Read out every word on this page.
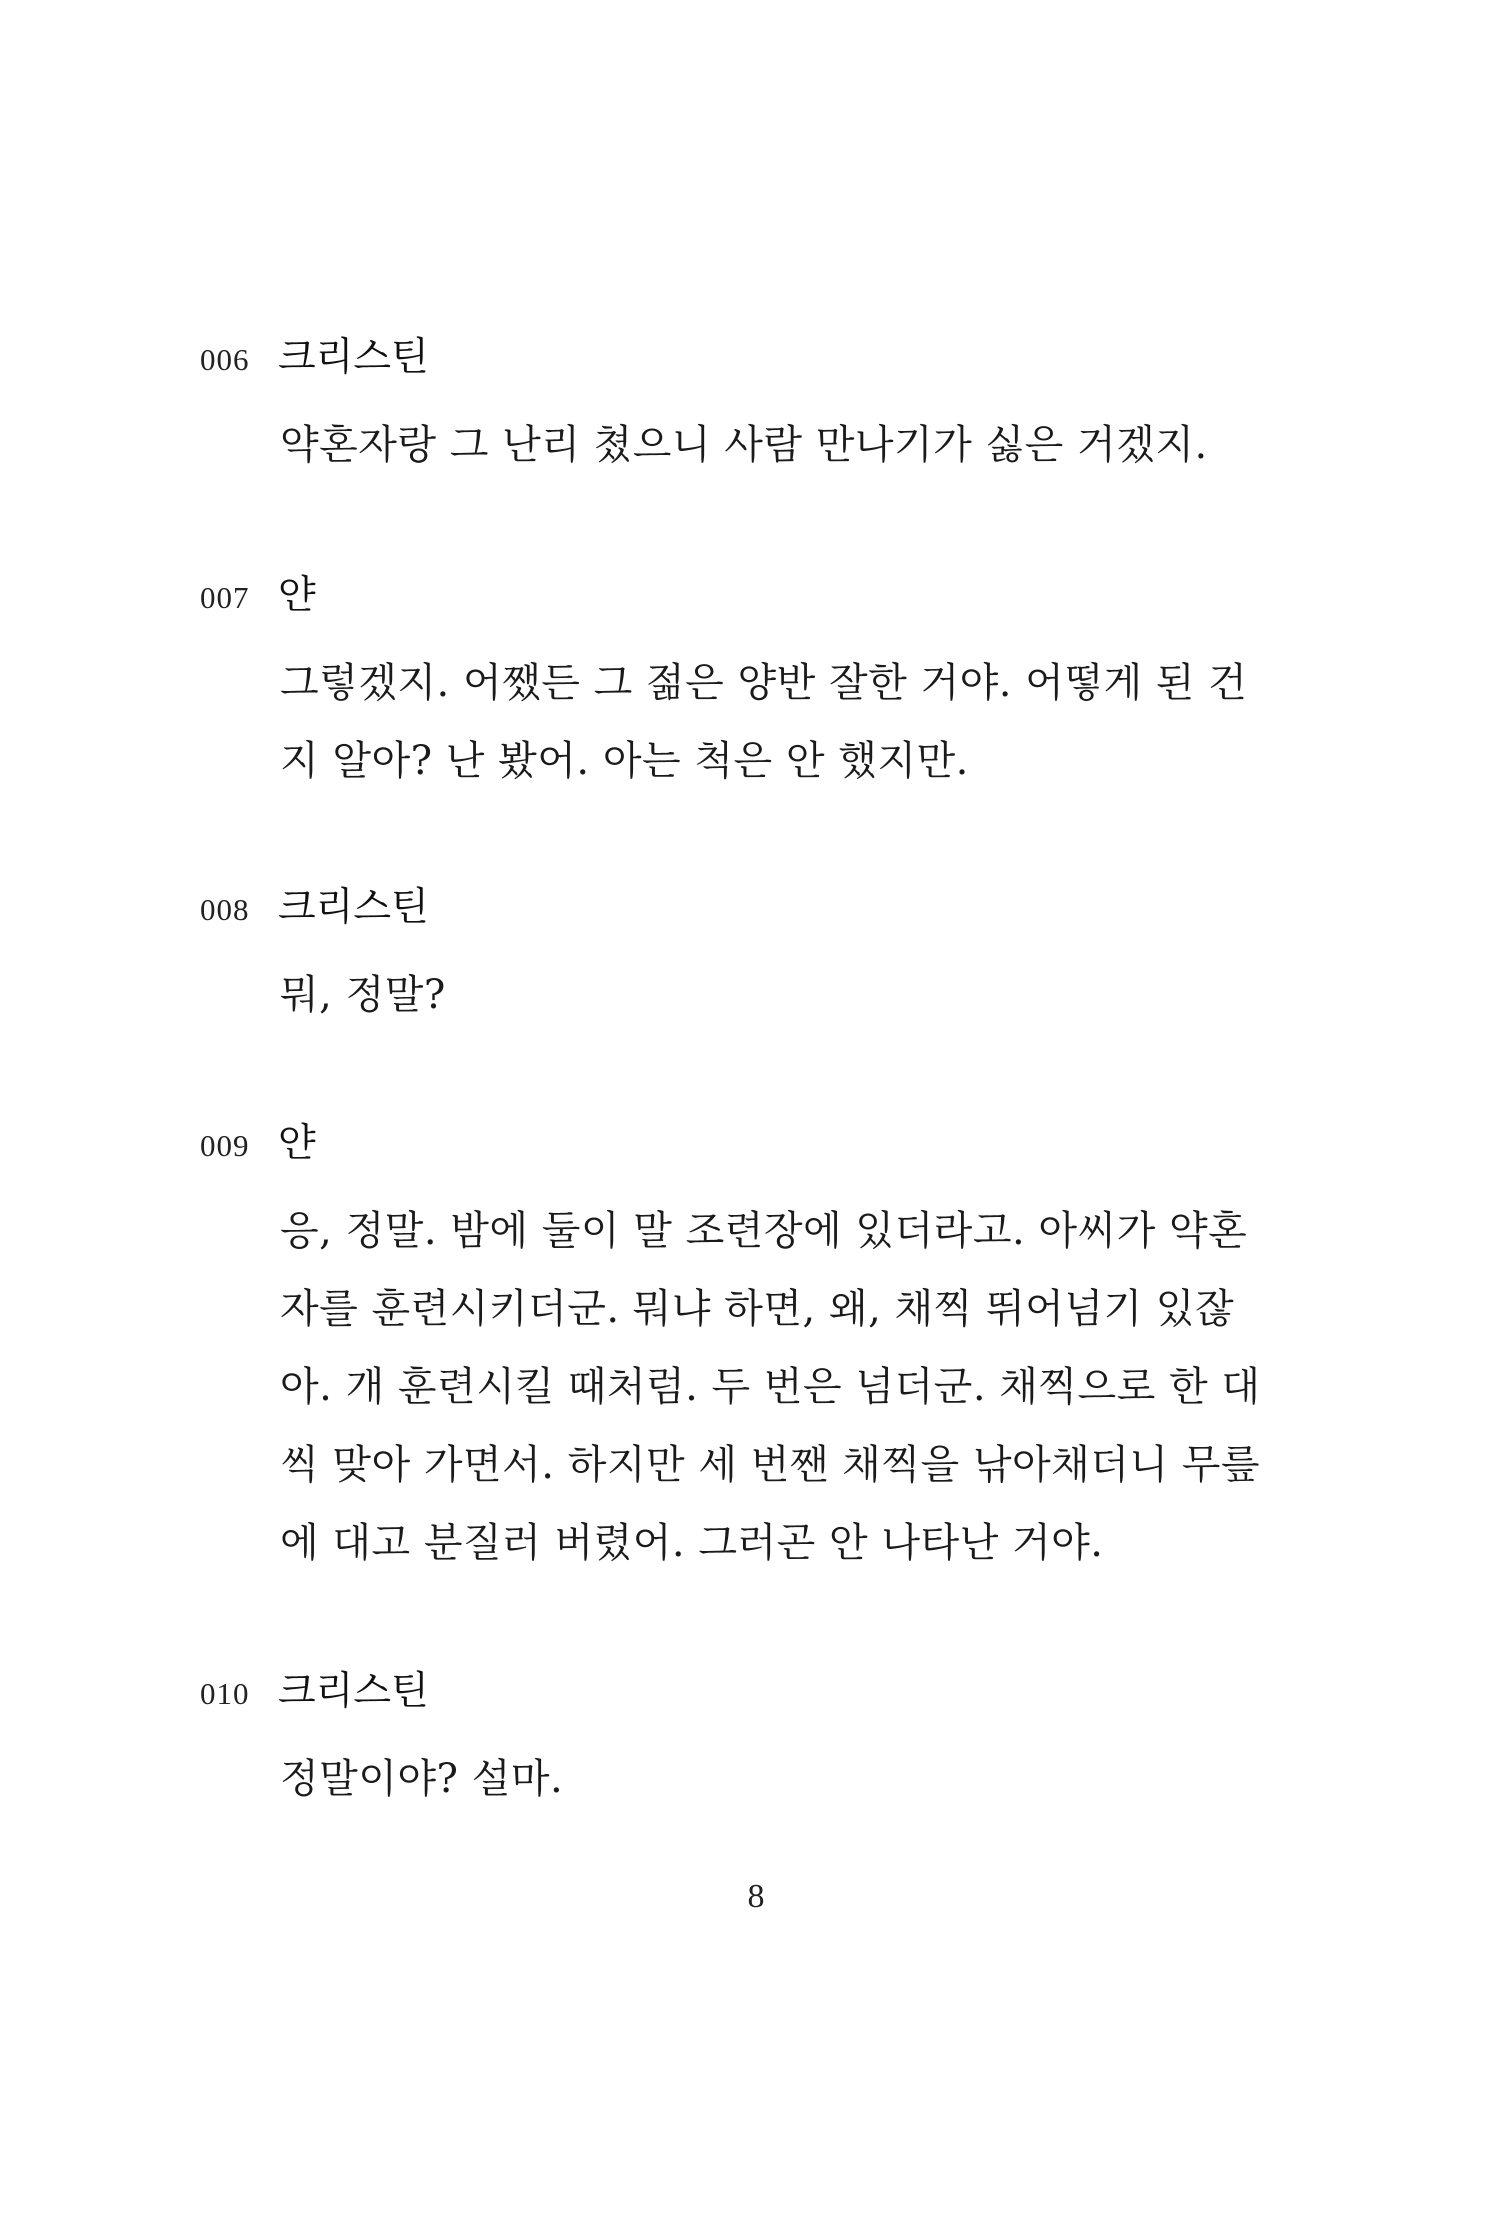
006 크리스틴
약혼자랑 그 난리 쳤으니 사람 만나기가 싫은 거겠지.
007 얀
그렇겠지. 어쨌든 그 젊은 양반 잘한 거야. 어떻게 된 건
지 알아? 난 봤어. 아는 척은 안 했지만.
008 크리스틴
뭐, 정말?
009 얀
응, 정말. 밤에 둘이 말 조련장에 있더라고. 아씨가 약혼
자를 훈련시키더군. 뭐냐 하면, 왜, 채찍 뛰어넘기 있잖
아. 개 훈련시킬 때처럼. 두 번은 넘더군. 채찍으로 한 대
씩 맞아 가면서. 하지만 세 번짼 채찍을 낚아채더니 무릎
에 대고 분질러 버렸어. 그러곤 안 나타난 거야.
010 크리스틴
정말이야? 설마.
8
